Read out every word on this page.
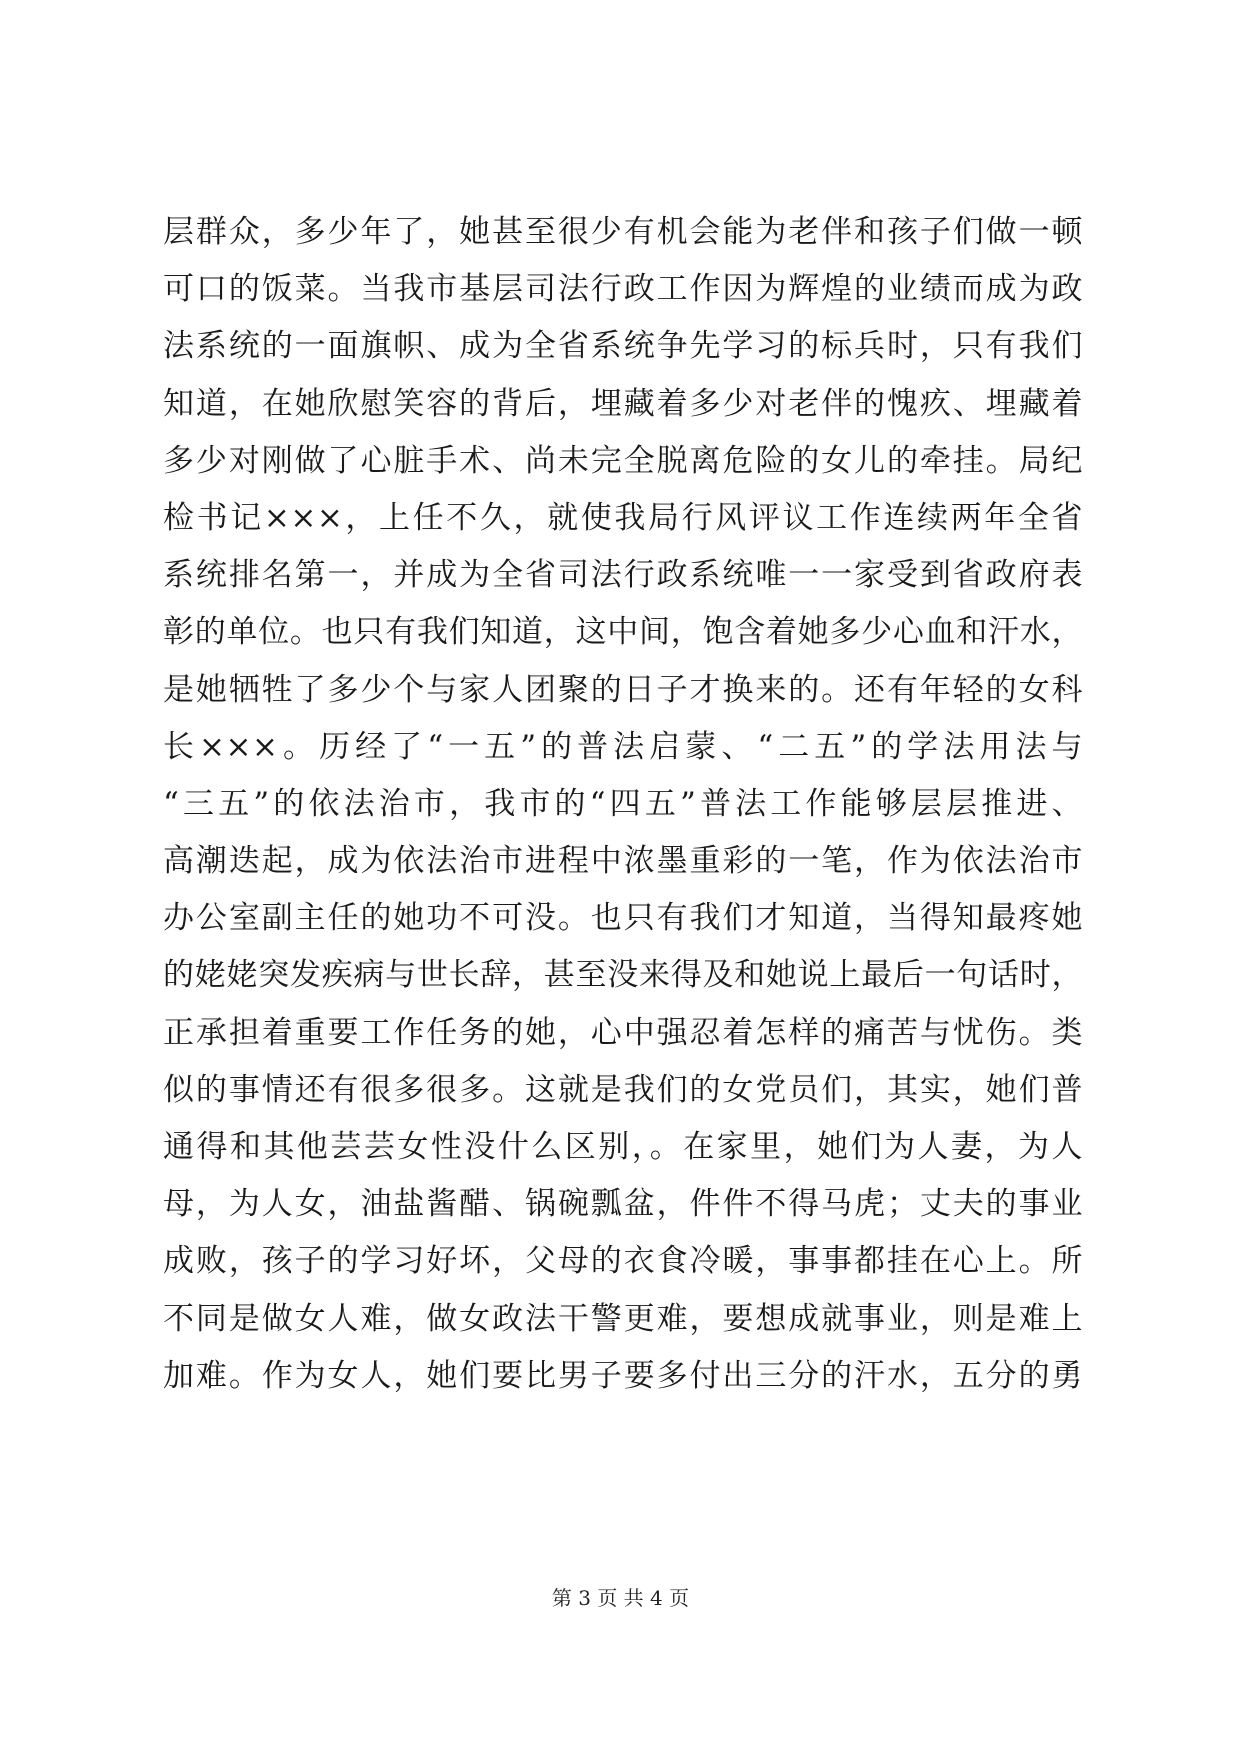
层群众，多少年了，她甚至很少有机会能为老伴和孩子们做一顿
可口的饭菜。当我市基层司法行政工作因为辉煌的业绩而成为政
法系统的一面旗帜、成为全省系统争先学习的标兵时，只有我们
知道，在她欣慰笑容的背后，埋藏着多少对老伴的愧疚、埋藏着
多少对刚做了心脏手术、尚未完全脱离危险的女儿的牵挂。局纪
检书记×××，上任不久，就使我局行风评议工作连续两年全省
系统排名第一，并成为全省司法行政系统唯一一家受到省政府表
彰的单位。也只有我们知道，这中间，饱含着她多少心血和汗水，
是她牺牲了多少个与家人团聚的日子才换来的。还有年轻的女科
长×××。历经了“一五”的普法启蒙、“二五”的学法用法与
“三五”的依法治市，我市的“四五”普法工作能够层层推进、
高潮迭起，成为依法治市进程中浓墨重彩的一笔，作为依法治市
办公室副主任的她功不可没。也只有我们才知道，当得知最疼她
的姥姥突发疾病与世长辞，甚至没来得及和她说上最后一句话时，
正承担着重要工作任务的她，心中强忍着怎样的痛苦与忧伤。类
似的事情还有很多很多。这就是我们的女党员们，其实，她们普
通得和其他芸芸女性没什么区别，。在家里，她们为人妻，为人
母，为人女，油盐酱醋、锅碗瓢盆，件件不得马虎；丈夫的事业
成败，孩子的学习好坏，父母的衣食冷暖，事事都挂在心上。所
不同是做女人难，做女政法干警更难，要想成就事业，则是难上
加难。作为女人，她们要比男子要多付出三分的汗水，五分的勇
第 3 页 共 4 页
